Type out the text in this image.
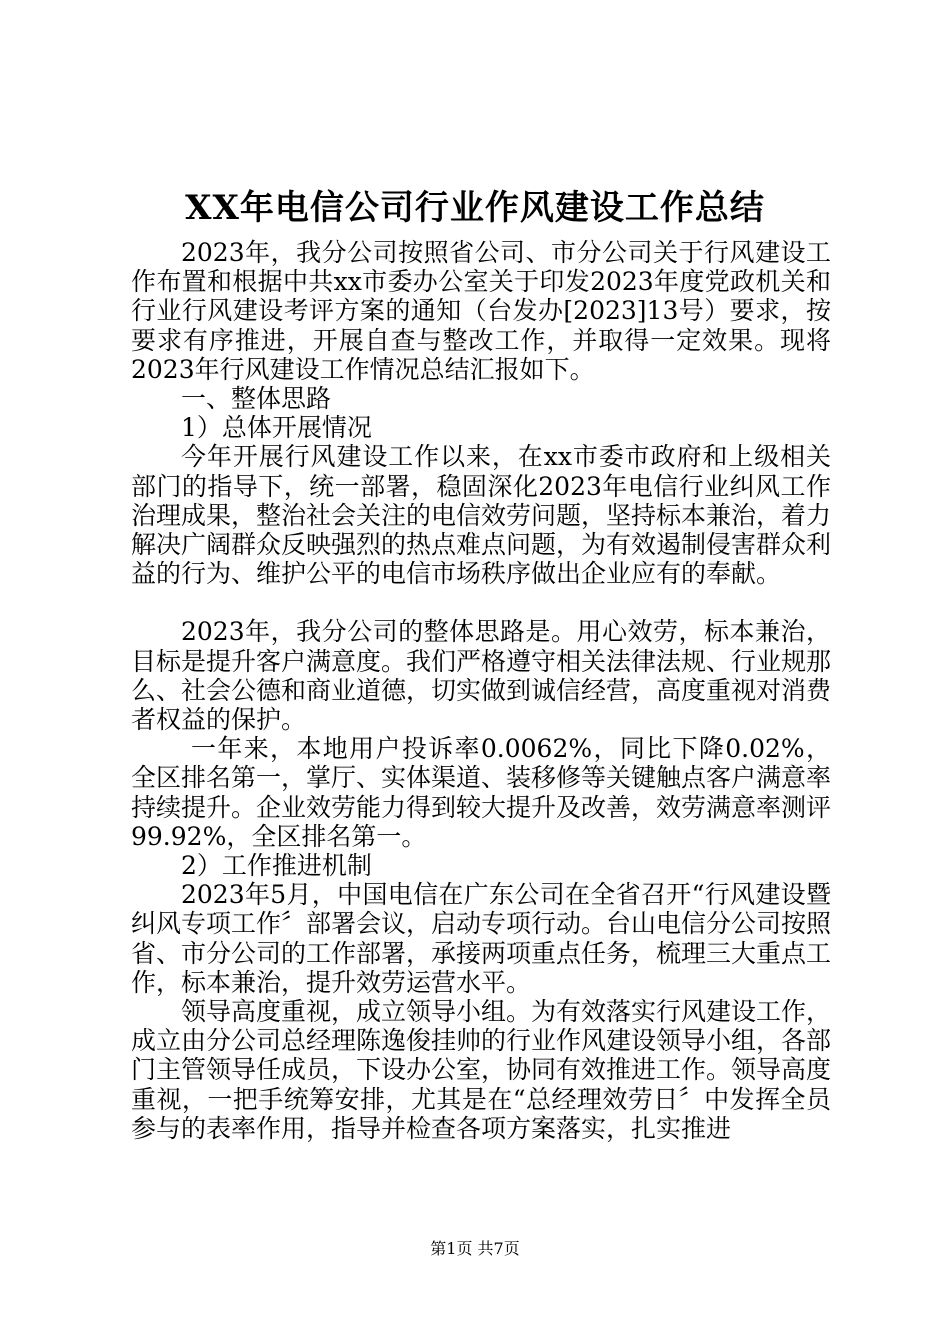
XX年电信公司行业作风建设工作总结

2023年，我分公司按照省公司、市分公司关于行风建设工作布置和根据中共xx市委办公室关于印发2023年度党政机关和行业行风建设考评方案的通知（台发办[2023]13号）要求，按要求有序推进，开展自查与整改工作，并取得一定效果。现将2023年行风建设工作情况总结汇报如下。

一、整体思路

1）总体开展情况

今年开展行风建设工作以来，在xx市委市政府和上级相关部门的指导下，统一部署，稳固深化2023年电信行业纠风工作治理成果，整治社会关注的电信效劳问题，坚持标本兼治，着力解决广阔群众反映强烈的热点难点问题，为有效遏制侵害群众利益的行为、维护公平的电信市场秩序做出企业应有的奉献。

2023年，我分公司的整体思路是。用心效劳，标本兼治，目标是提升客户满意度。我们严格遵守相关法律法规、行业规那么、社会公德和商业道德，切实做到诚信经营，高度重视对消费者权益的保护。

一年来，本地用户投诉率0.0062%，同比下降0.02%，全区排名第一，掌厅、实体渠道、装移修等关键触点客户满意率持续提升。企业效劳能力得到较大提升及改善，效劳满意率测评99.92%，全区排名第一。

2）工作推进机制

2023年5月，中国电信在广东公司在全省召开“行风建设暨纠风专项工作〞部署会议，启动专项行动。台山电信分公司按照省、市分公司的工作部署，承接两项重点任务，梳理三大重点工作，标本兼治，提升效劳运营水平。

领导高度重视，成立领导小组。为有效落实行风建设工作，成立由分公司总经理陈逸俊挂帅的行业作风建设领导小组，各部门主管领导任成员，下设办公室，协同有效推进工作。领导高度重视，一把手统筹安排，尤其是在“总经理效劳日〞中发挥全员参与的表率作用，指导并检查各项方案落实，扎实推进

第1页 共7页
